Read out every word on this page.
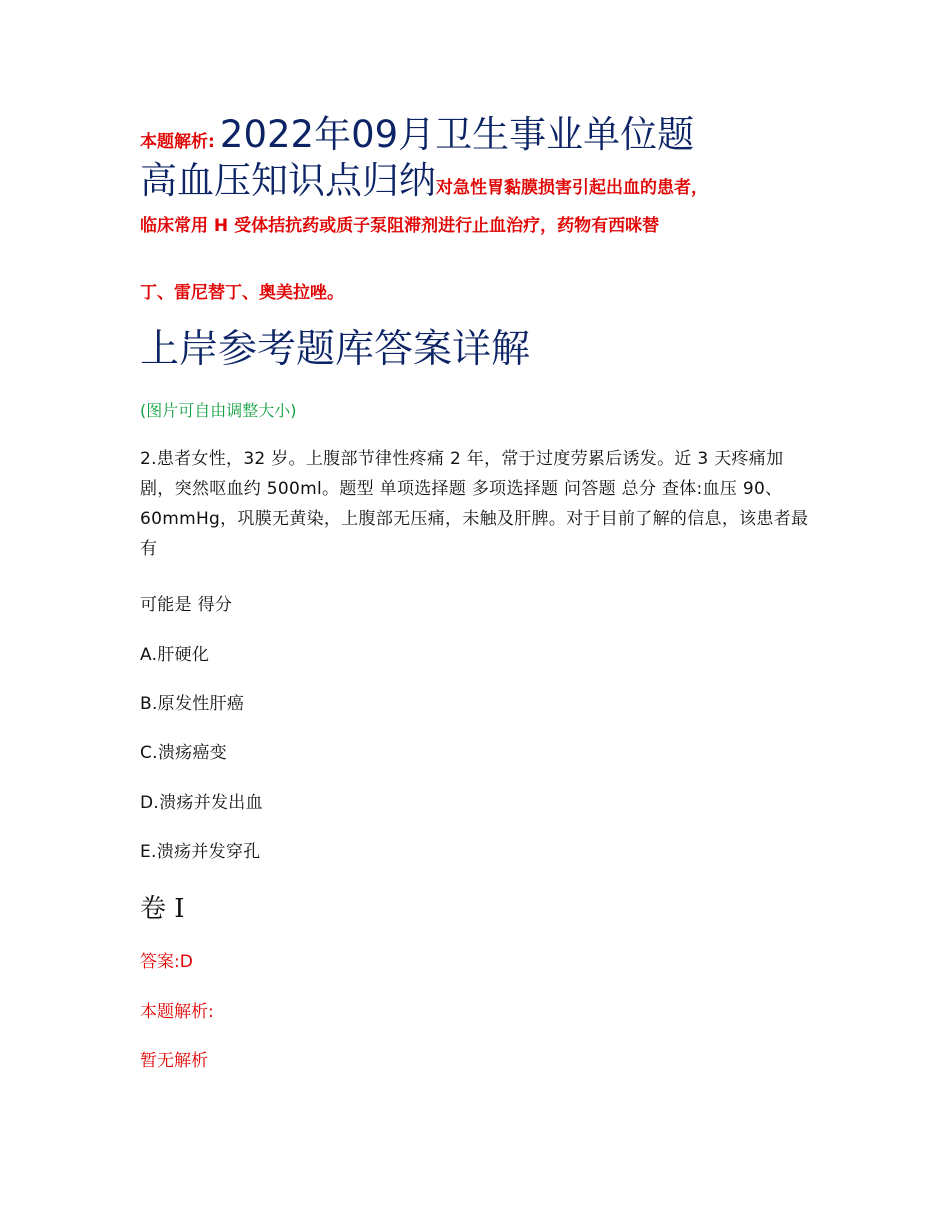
本题解析: 2022年09月卫生事业单位题
高血压知识点归纳对急性胃黏膜损害引起出血的患者，
临床常用 H 受体拮抗药或质子泵阻滞剂进行止血治疗，药物有西咪替
丁、雷尼替丁、奥美拉唑。
上岸参考题库答案详解
(图片可自由调整大小)
2.患者女性，32 岁。上腹部节律性疼痛 2 年，常于过度劳累后诱发。近 3 天疼痛加剧，突然呕血约 500ml。题型 单项选择题 多项选择题 问答题 总分 查体:血压 90、60mmHg，巩膜无黄染，上腹部无压痛，未触及肝脾。对于目前了解的信息，该患者最有
可能是 得分
A.肝硬化
B.原发性肝癌
C.溃疡癌变
D.溃疡并发出血
E.溃疡并发穿孔
卷 I
答案:D
本题解析:
暂无解析
